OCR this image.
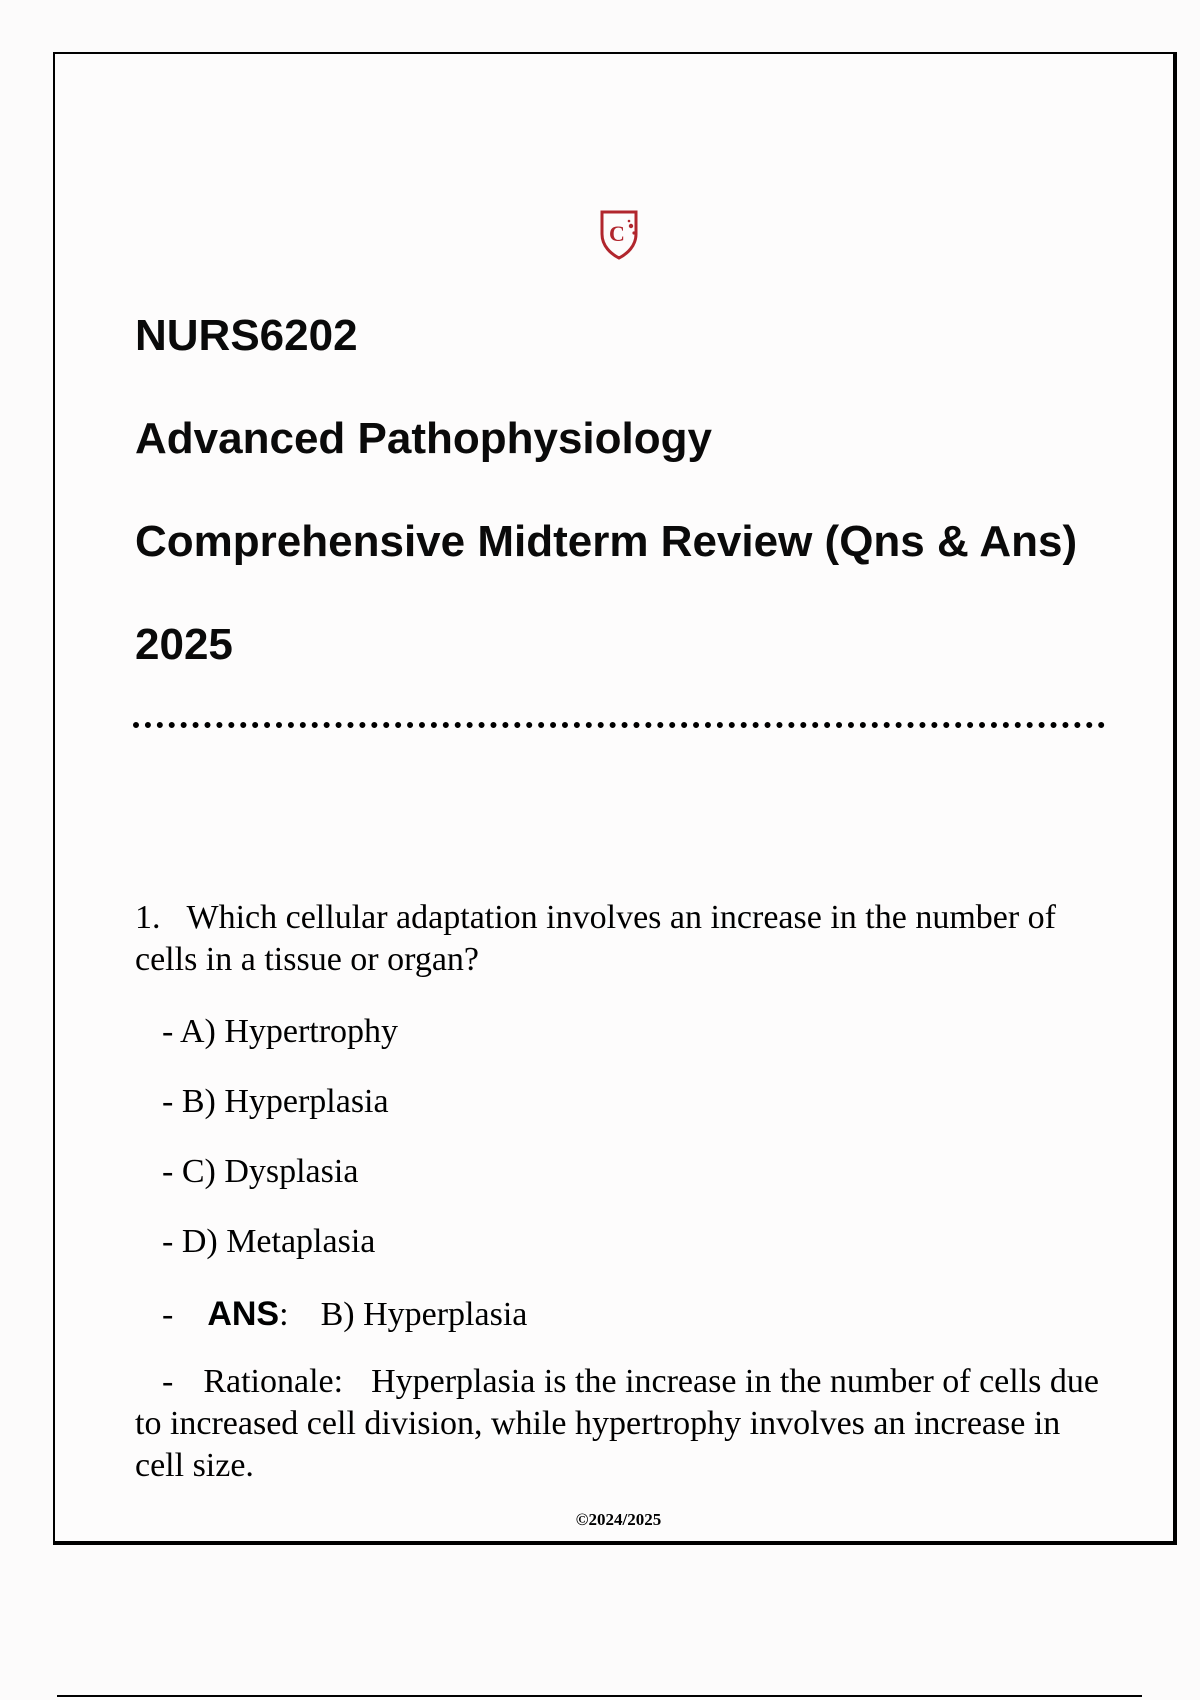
C
NURS6202
Advanced Pathophysiology
Comprehensive Midterm Review (Qns & Ans)
2025
1. Which cellular adaptation involves an increase in the number of cells in a tissue or organ?
- A) Hypertrophy
- B) Hyperplasia
- C) Dysplasia
- D) Metaplasia
- ANS: B) Hyperplasia
- Rationale: Hyperplasia is the increase in the number of cells due to increased cell division, while hypertrophy involves an increase in cell size.
©2024/2025
